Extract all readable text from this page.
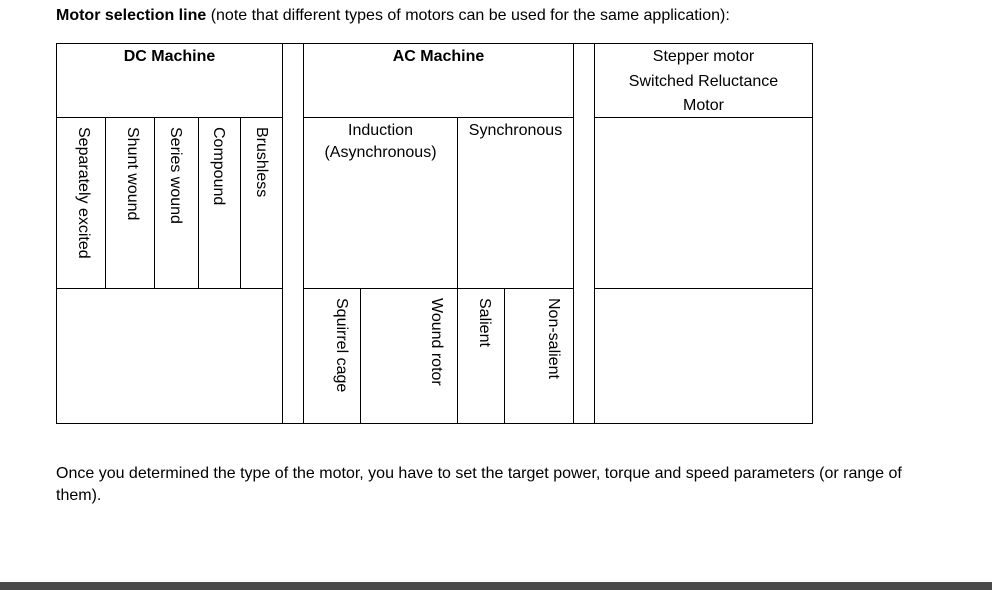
Motor selection line (note that different types of motors can be used for the same application):
DC Machine
Separately excited Shunt wound Series wound Compound Brushless
AC Machine
Induction
(Asynchronous)
Synchronous
Squirrel cage	Wound rotor Salient	Non-salient
Stepper motor
Switched Reluctance
Motor
Once you determined the type of the motor, you have to set the target power, torque and speed parameters (or range of them).
